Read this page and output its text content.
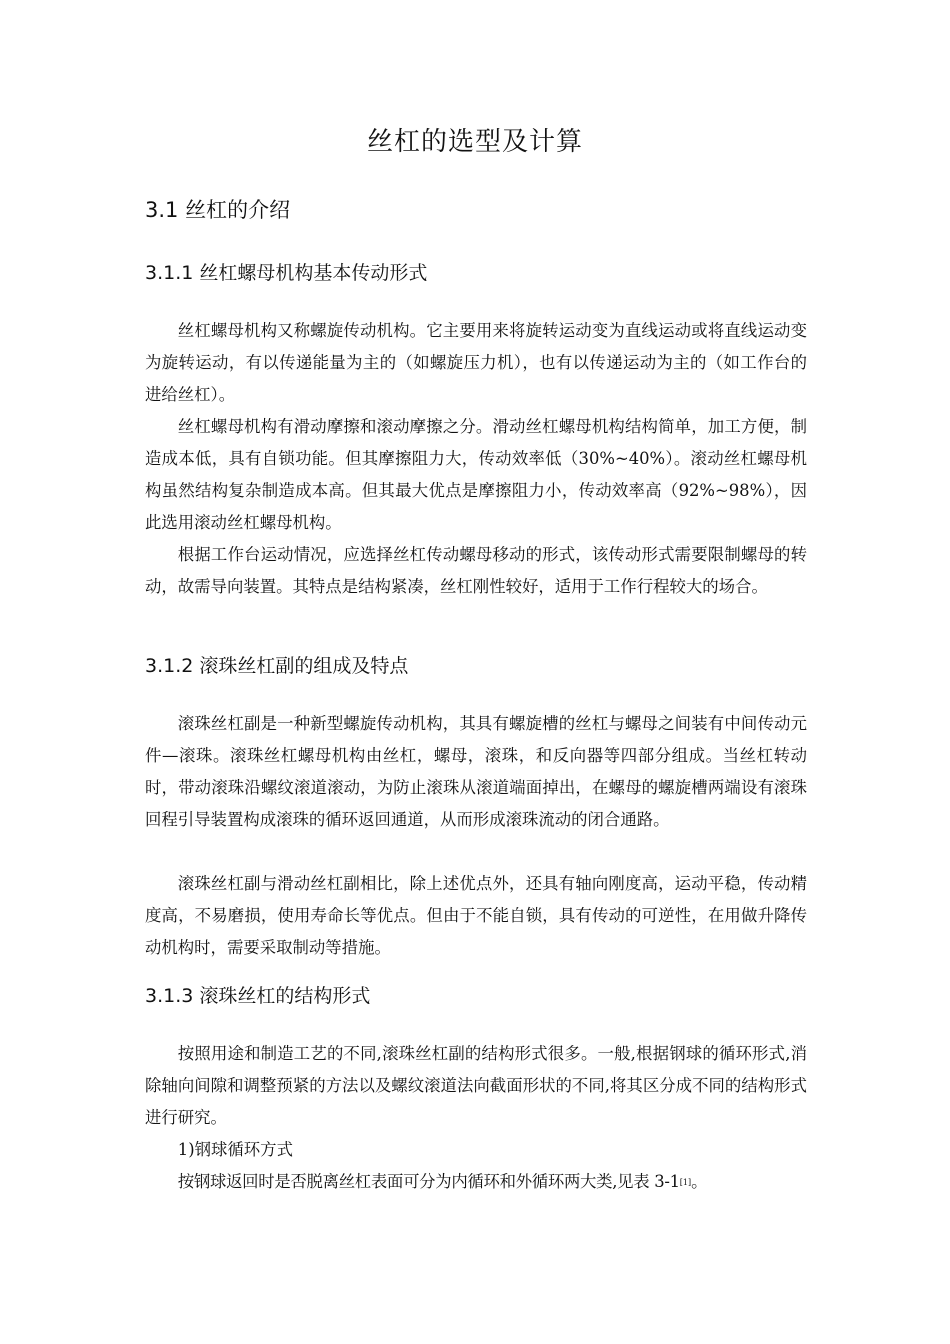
丝杠的选型及计算
3.1 丝杠的介绍
3.1.1 丝杠螺母机构基本传动形式

丝杠螺母机构又称螺旋传动机构。它主要用来将旋转运动变为直线运动或将直线运动变为旋转运动，有以传递能量为主的（如螺旋压力机），也有以传递运动为主的（如工作台的进给丝杠）。

丝杠螺母机构有滑动摩擦和滚动摩擦之分。滑动丝杠螺母机构结构简单，加工方便，制造成本低，具有自锁功能。但其摩擦阻力大，传动效率低（30%~40%）。滚动丝杠螺母机构虽然结构复杂制造成本高。但其最大优点是摩擦阻力小，传动效率高（92%~98%），因此选用滚动丝杠螺母机构。

根据工作台运动情况，应选择丝杠传动螺母移动的形式，该传动形式需要限制螺母的转动，故需导向装置。其特点是结构紧凑，丝杠刚性较好，适用于工作行程较大的场合。

3.1.2 滚珠丝杠副的组成及特点

滚珠丝杠副是一种新型螺旋传动机构，其具有螺旋槽的丝杠与螺母之间装有中间传动元件—滚珠。滚珠丝杠螺母机构由丝杠，螺母，滚珠，和反向器等四部分组成。当丝杠转动时，带动滚珠沿螺纹滚道滚动，为防止滚珠从滚道端面掉出，在螺母的螺旋槽两端设有滚珠回程引导装置构成滚珠的循环返回通道，从而形成滚珠流动的闭合通路。

滚珠丝杠副与滑动丝杠副相比，除上述优点外，还具有轴向刚度高，运动平稳，传动精度高，不易磨损，使用寿命长等优点。但由于不能自锁，具有传动的可逆性，在用做升降传动机构时，需要采取制动等措施。

3.1.3 滚珠丝杠的结构形式

按照用途和制造工艺的不同,滚珠丝杠副的结构形式很多。一般,根据钢球的循环形式,消除轴向间隙和调整预紧的方法以及螺纹滚道法向截面形状的不同,将其区分成不同的结构形式进行研究。

1)钢球循环方式

按钢球返回时是否脱离丝杠表面可分为内循环和外循环两大类,见表 3-1[1]。
